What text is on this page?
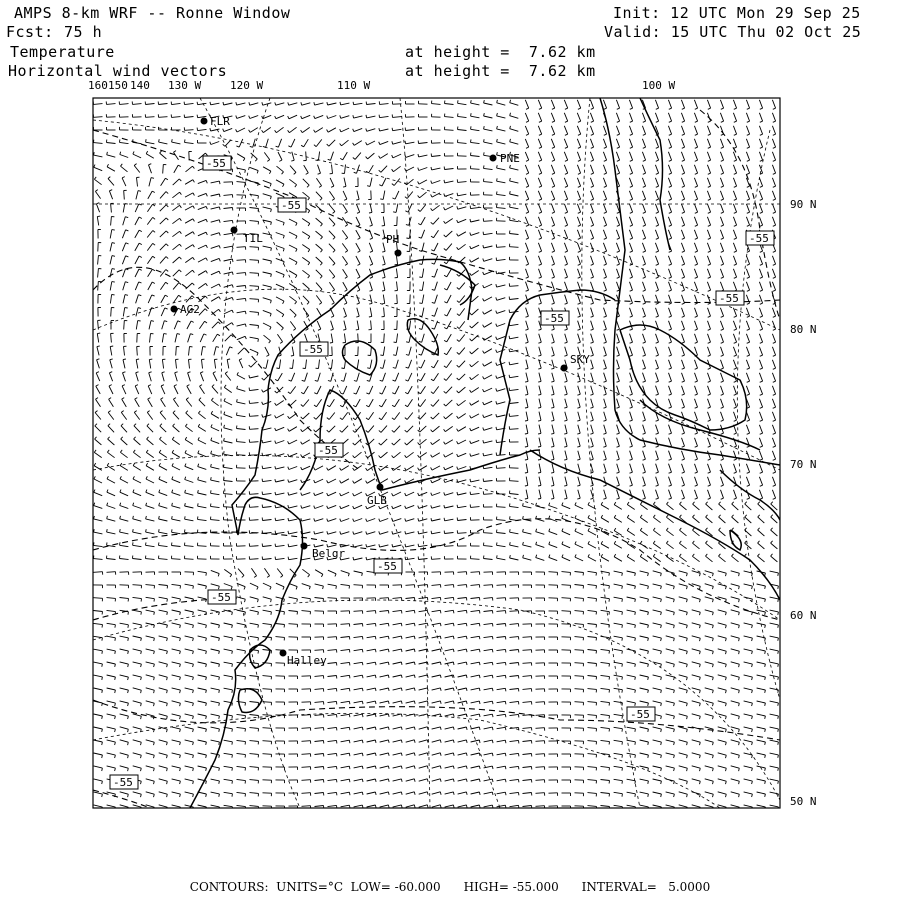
AMPS 8-km WRF -- Ronne Window
Fcst: 75 h
Init: 12 UTC Mon 29 Sep 25
Valid: 15 UTC Thu 02 Oct 25
Temperature
Horizontal wind vectors
at height =  7.62 km
at height =  7.62 km
160 150 140 130 W	120 W	110 W	100 W
90 N
80 N
70 N
60 N
50 N
-55
-55
-55
-55
-55
-55
-55
-55
-55
-55
-55
FLR
PNE
TIL	PH
AG2
SKY
GLB
Belgr
Halley
CONTOURS:  UNITS=°C  LOW= -60.000      HIGH= -55.000      INTERVAL=   5.0000
